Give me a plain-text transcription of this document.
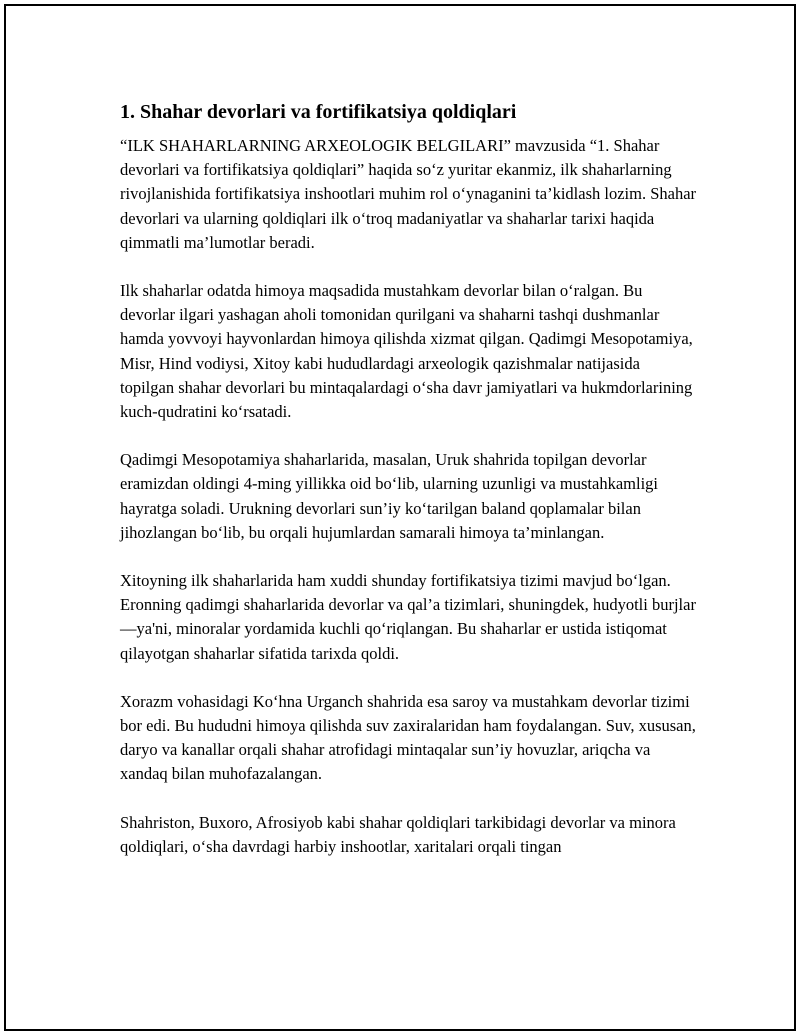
1. Shahar devorlari va fortifikatsiya qoldiqlari

“ILK SHAHARLARNING ARXEOLOGIK BELGILARI” mavzusida “1. Shahar devorlari va fortifikatsiya qoldiqlari” haqida so‘z yuritar ekanmiz, ilk shaharlarning rivojlanishida fortifikatsiya inshootlari muhim rol o‘ynaganini ta’kidlash lozim. Shahar devorlari va ularning qoldiqlari ilk o‘troq madaniyatlar va shaharlar tarixi haqida qimmatli ma’lumotlar beradi.

Ilk shaharlar odatda himoya maqsadida mustahkam devorlar bilan o‘ralgan. Bu devorlar ilgari yashagan aholi tomonidan qurilgani va shaharni tashqi dushmanlar hamda yovvoyi hayvonlardan himoya qilishda xizmat qilgan. Qadimgi Mesopotamiya, Misr, Hind vodiysi, Xitoy kabi hududlardagi arxeologik qazishmalar natijasida topilgan shahar devorlari bu mintaqalardagi o‘sha davr jamiyatlari va hukmdorlarining kuch-qudratini ko‘rsatadi.

Qadimgi Mesopotamiya shaharlarida, masalan, Uruk shahrida topilgan devorlar eramizdan oldingi 4-ming yillikka oid bo‘lib, ularning uzunligi va mustahkamligi hayratga soladi. Urukning devorlari sun’iy ko‘tarilgan baland qoplamalar bilan jihozlangan bo‘lib, bu orqali hujumlardan samarali himoya ta’minlangan.

Xitoyning ilk shaharlarida ham xuddi shunday fortifikatsiya tizimi mavjud bo‘lgan. Eronning qadimgi shaharlarida devorlar va qal’a tizimlari, shuningdek, hudyotli burjlar—ya'ni, minoralar yordamida kuchli qo‘riqlangan. Bu shaharlar er ustida istiqomat qilayotgan shaharlar sifatida tarixda qoldi.

Xorazm vohasidagi Ko‘hna Urganch shahrida esa saroy va mustahkam devorlar tizimi bor edi. Bu hududni himoya qilishda suv zaxiralaridan ham foydalangan. Suv, xususan, daryo va kanallar orqali shahar atrofidagi mintaqalar sun’iy hovuzlar, ariqcha va xandaq bilan muhofazalangan.

Shahriston, Buxoro, Afrosiyob kabi shahar qoldiqlari tarkibidagi devorlar va minora qoldiqlari, o‘sha davrdagi harbiy inshootlar, xaritalari orqali tingan
